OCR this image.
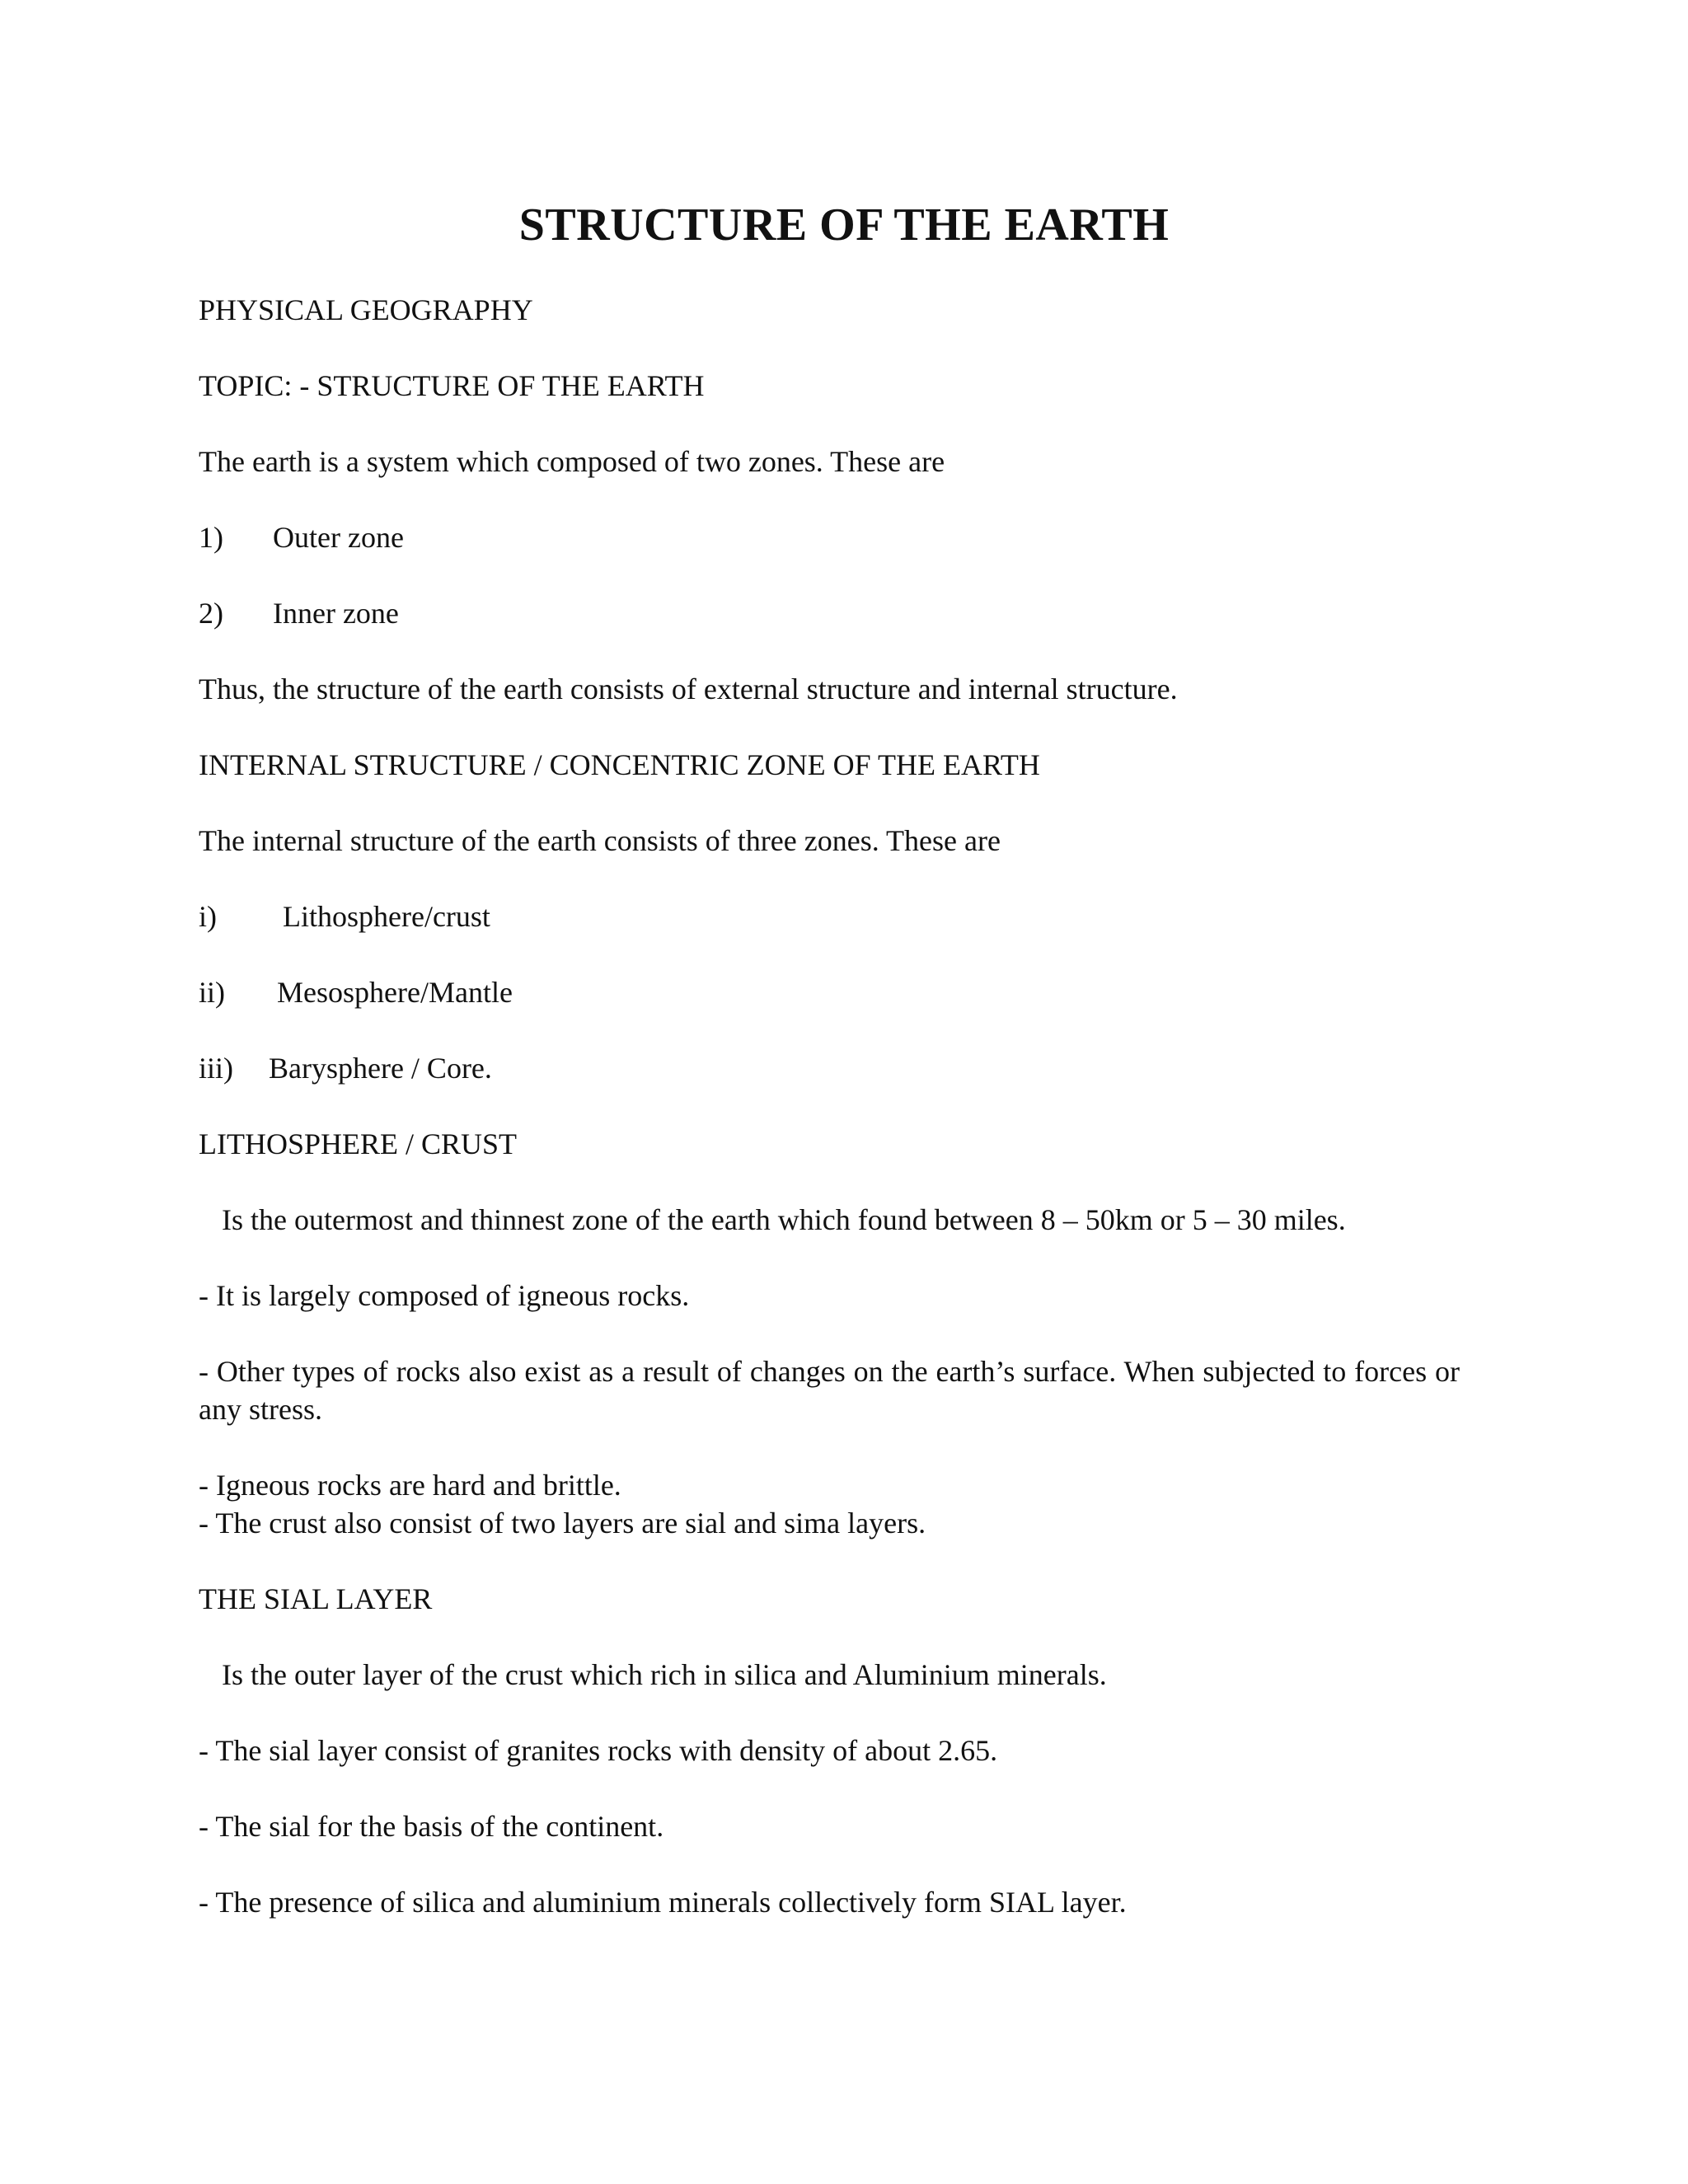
STRUCTURE OF THE EARTH
PHYSICAL GEOGRAPHY
TOPIC: - STRUCTURE OF THE EARTH
The earth is a system which composed of two zones. These are
1) Outer zone
2) Inner zone
Thus, the structure of the earth consists of external structure and internal structure.
INTERNAL STRUCTURE / CONCENTRIC ZONE OF THE EARTH
The internal structure of the earth consists of three zones. These are
i) Lithosphere/crust
ii) Mesosphere/Mantle
iii) Barysphere / Core.
LITHOSPHERE / CRUST
Is the outermost and thinnest zone of the earth which found between 8 – 50km or 5 – 30 miles.
- It is largely composed of igneous rocks.
- Other types of rocks also exist as a result of changes on the earth’s surface. When subjected to forces or any stress.
- Igneous rocks are hard and brittle.
- The crust also consist of two layers are sial and sima layers.
THE SIAL LAYER
Is the outer layer of the crust which rich in silica and Aluminium minerals.
- The sial layer consist of granites rocks with density of about 2.65.
- The sial for the basis of the continent.
- The presence of silica and aluminium minerals collectively form SIAL layer.
